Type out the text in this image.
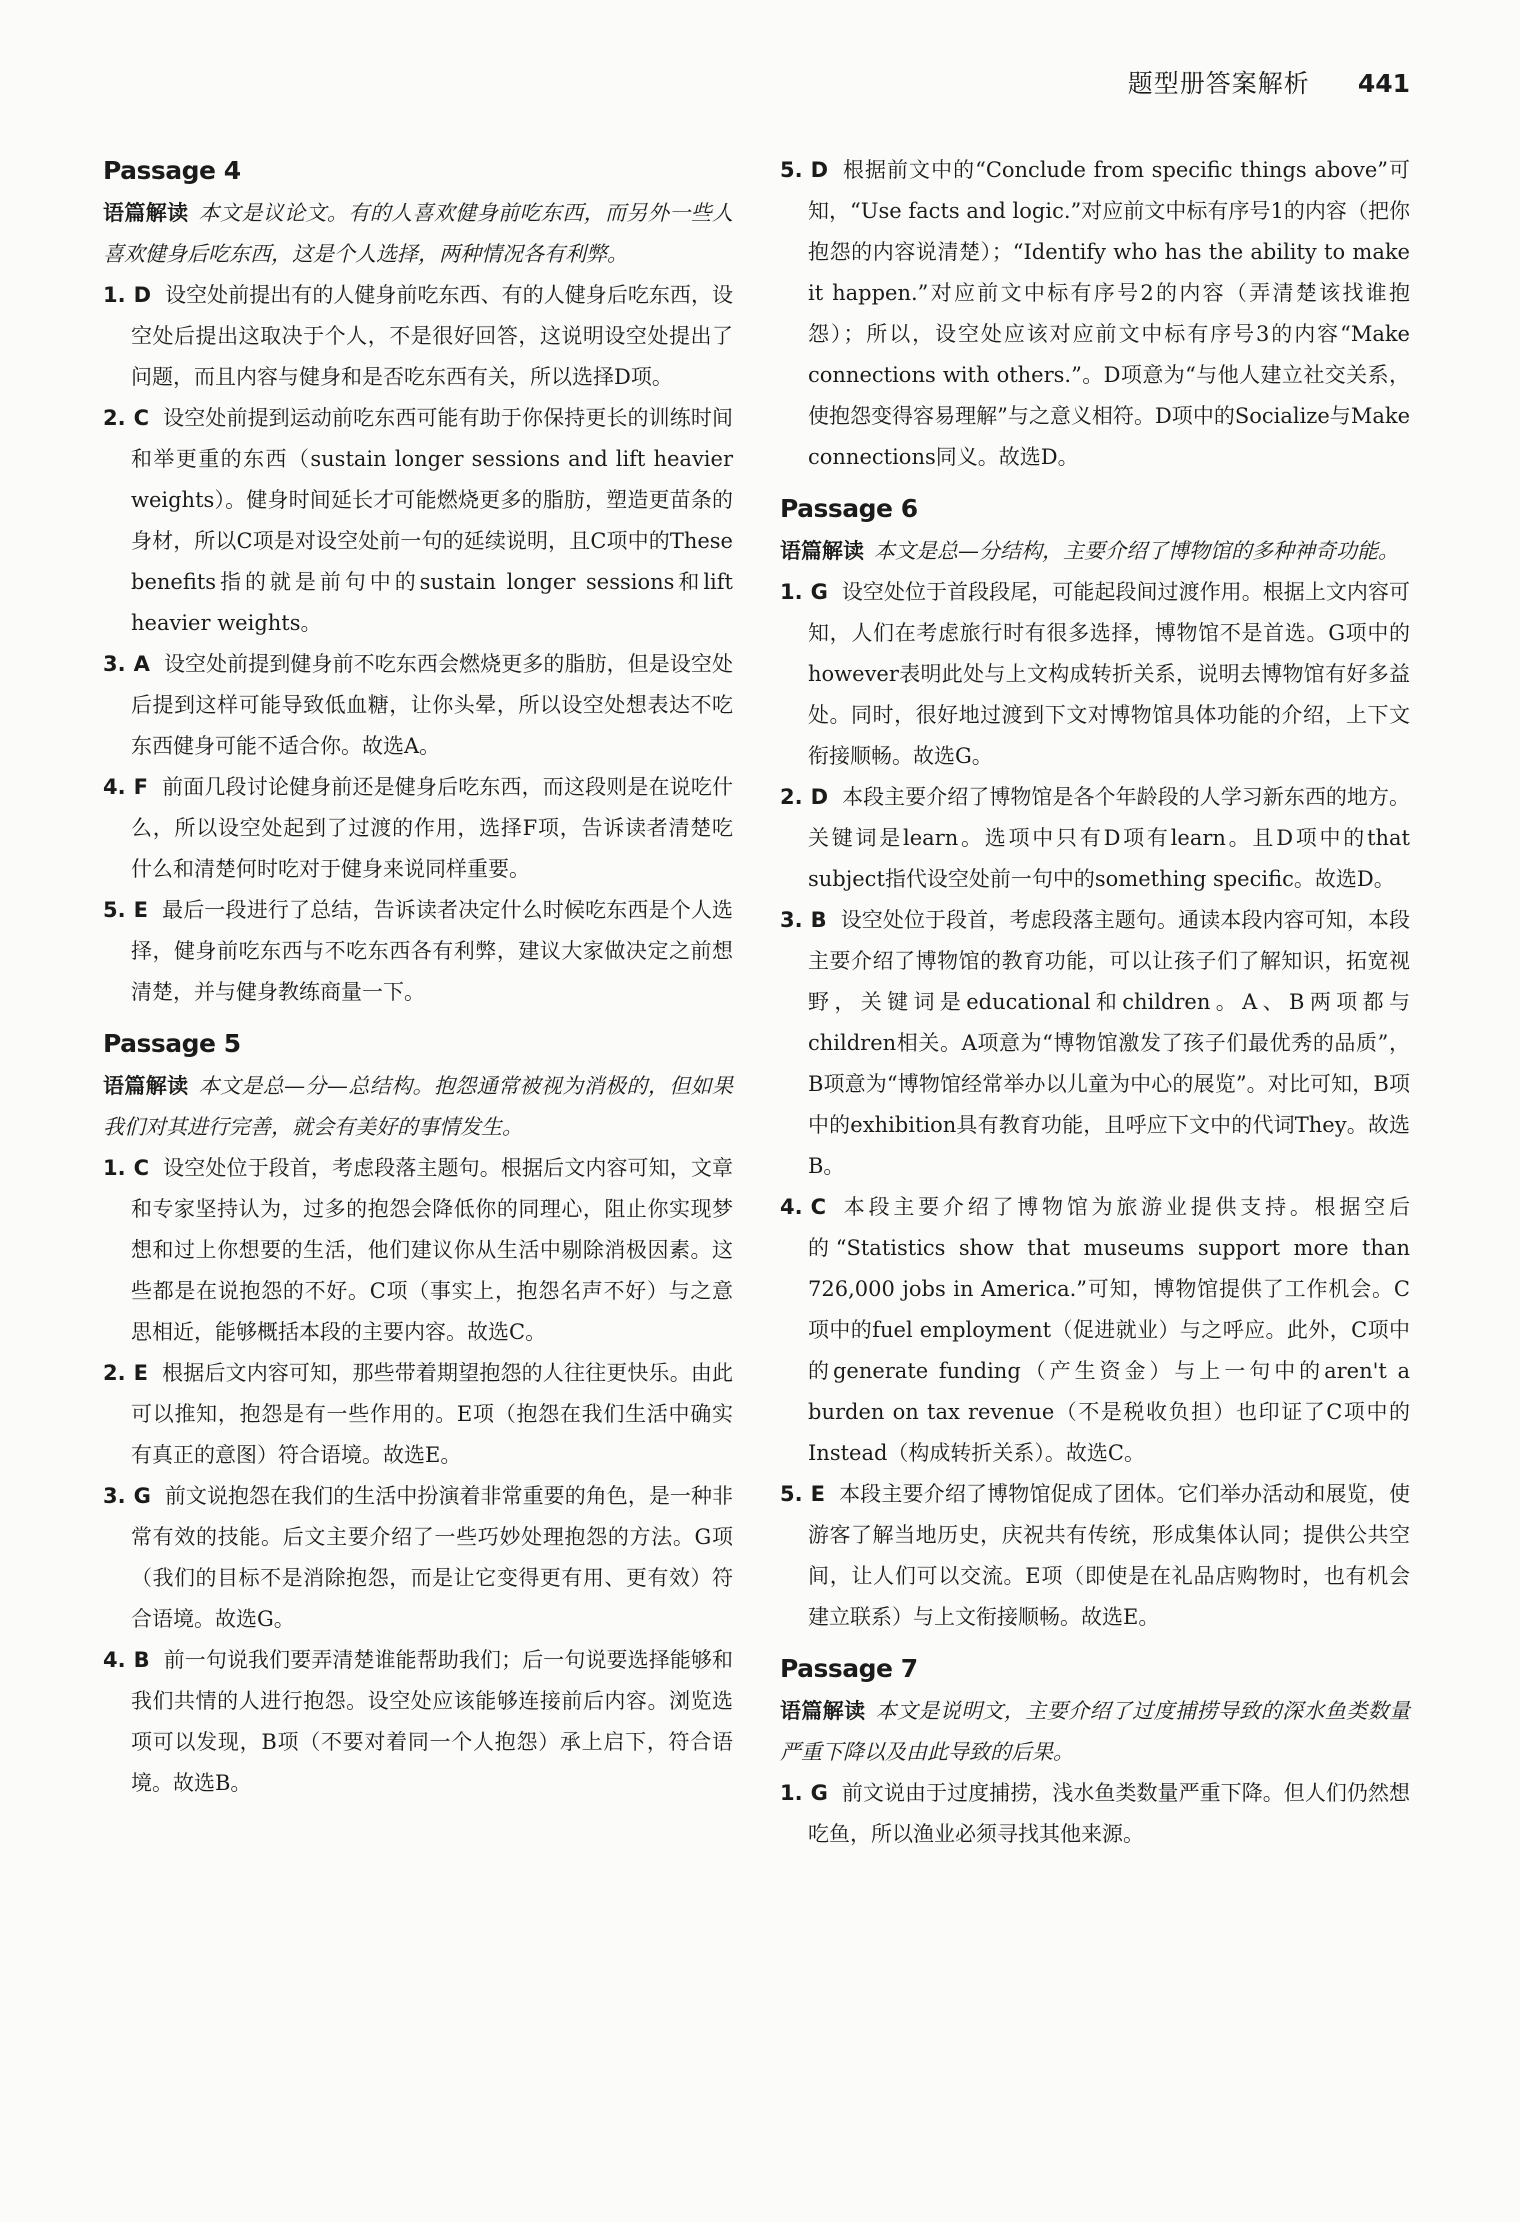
题型册答案解析 441
Passage 4
语篇解读 本文是议论文。有的人喜欢健身前吃东西，而另外一些人喜欢健身后吃东西，这是个人选择，两种情况各有利弊。
1. D 设空处前提出有的人健身前吃东西、有的人健身后吃东西，设空处后提出这取决于个人，不是很好回答，这说明设空处提出了问题，而且内容与健身和是否吃东西有关，所以选择D项。
2. C 设空处前提到运动前吃东西可能有助于你保持更长的训练时间和举更重的东西（sustain longer sessions and lift heavier weights）。健身时间延长才可能燃烧更多的脂肪，塑造更苗条的身材，所以C项是对设空处前一句的延续说明，且C项中的These benefits指的就是前句中的sustain longer sessions和lift heavier weights。
3. A 设空处前提到健身前不吃东西会燃烧更多的脂肪，但是设空处后提到这样可能导致低血糖，让你头晕，所以设空处想表达不吃东西健身可能不适合你。故选A。
4. F 前面几段讨论健身前还是健身后吃东西，而这段则是在说吃什么，所以设空处起到了过渡的作用，选择F项，告诉读者清楚吃什么和清楚何时吃对于健身来说同样重要。
5. E 最后一段进行了总结，告诉读者决定什么时候吃东西是个人选择，健身前吃东西与不吃东西各有利弊，建议大家做决定之前想清楚，并与健身教练商量一下。
Passage 5
语篇解读 本文是总—分—总结构。抱怨通常被视为消极的，但如果我们对其进行完善，就会有美好的事情发生。
1. C 设空处位于段首，考虑段落主题句。根据后文内容可知，文章和专家坚持认为，过多的抱怨会降低你的同理心，阻止你实现梦想和过上你想要的生活，他们建议你从生活中剔除消极因素。这些都是在说抱怨的不好。C项（事实上，抱怨名声不好）与之意思相近，能够概括本段的主要内容。故选C。
2. E 根据后文内容可知，那些带着期望抱怨的人往往更快乐。由此可以推知，抱怨是有一些作用的。E项（抱怨在我们生活中确实有真正的意图）符合语境。故选E。
3. G 前文说抱怨在我们的生活中扮演着非常重要的角色，是一种非常有效的技能。后文主要介绍了一些巧妙处理抱怨的方法。G项（我们的目标不是消除抱怨，而是让它变得更有用、更有效）符合语境。故选G。
4. B 前一句说我们要弄清楚谁能帮助我们；后一句说要选择能够和我们共情的人进行抱怨。设空处应该能够连接前后内容。浏览选项可以发现，B项（不要对着同一个人抱怨）承上启下，符合语境。故选B。
5. D 根据前文中的“Conclude from specific things above”可知，“Use facts and logic.”对应前文中标有序号1的内容（把你抱怨的内容说清楚）；“Identify who has the ability to make it happen.”对应前文中标有序号2的内容（弄清楚该找谁抱怨）；所以，设空处应该对应前文中标有序号3的内容“Make connections with others.”。D项意为“与他人建立社交关系，使抱怨变得容易理解”与之意义相符。D项中的Socialize与Make connections同义。故选D。
Passage 6
语篇解读 本文是总—分结构，主要介绍了博物馆的多种神奇功能。
1. G 设空处位于首段段尾，可能起段间过渡作用。根据上文内容可知，人们在考虑旅行时有很多选择，博物馆不是首选。G项中的however表明此处与上文构成转折关系，说明去博物馆有好多益处。同时，很好地过渡到下文对博物馆具体功能的介绍，上下文衔接顺畅。故选G。
2. D 本段主要介绍了博物馆是各个年龄段的人学习新东西的地方。关键词是learn。选项中只有D项有learn。且D项中的that subject指代设空处前一句中的something specific。故选D。
3. B 设空处位于段首，考虑段落主题句。通读本段内容可知，本段主要介绍了博物馆的教育功能，可以让孩子们了解知识，拓宽视野，关键词是educational和children。A、B两项都与children相关。A项意为“博物馆激发了孩子们最优秀的品质”，B项意为“博物馆经常举办以儿童为中心的展览”。对比可知，B项中的exhibition具有教育功能，且呼应下文中的代词They。故选B。
4. C 本段主要介绍了博物馆为旅游业提供支持。根据空后的“Statistics show that museums support more than 726,000 jobs in America.”可知，博物馆提供了工作机会。C项中的fuel employment（促进就业）与之呼应。此外，C项中的generate funding（产生资金）与上一句中的aren't a burden on tax revenue（不是税收负担）也印证了C项中的Instead（构成转折关系）。故选C。
5. E 本段主要介绍了博物馆促成了团体。它们举办活动和展览，使游客了解当地历史，庆祝共有传统，形成集体认同；提供公共空间，让人们可以交流。E项（即使是在礼品店购物时，也有机会建立联系）与上文衔接顺畅。故选E。
Passage 7
语篇解读 本文是说明文，主要介绍了过度捕捞导致的深水鱼类数量严重下降以及由此导致的后果。
1. G 前文说由于过度捕捞，浅水鱼类数量严重下降。但人们仍然想吃鱼，所以渔业必须寻找其他来源。
